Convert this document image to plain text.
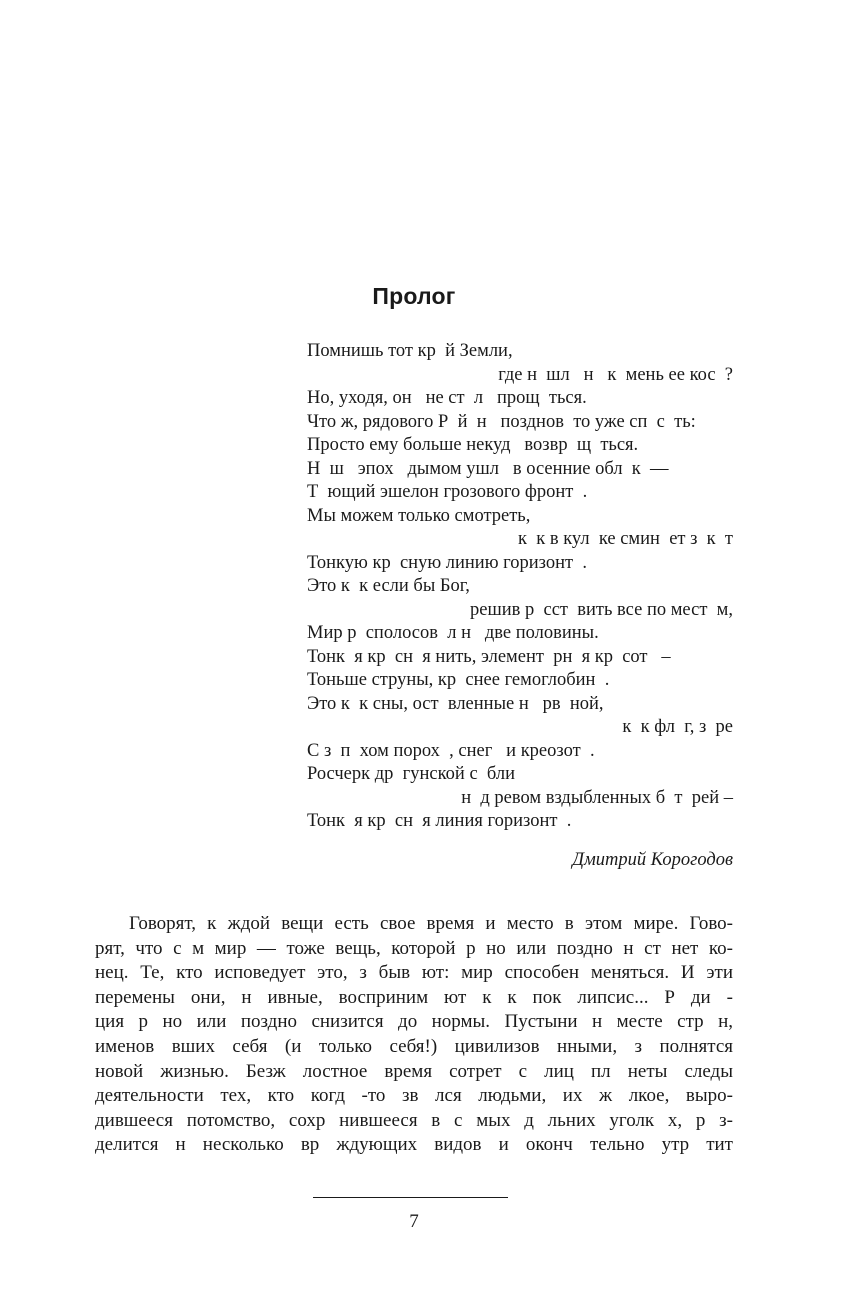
Пролог
Помнишь тот кр  й Земли,
где н  шл   н   к  мень ее кос  ?
Но, уходя, он   не ст  л   прощ  ться.
Что ж, рядового Р  й  н   позднов  то уже сп  с  ть:
Просто ему больше некуд   возвр  щ  ться.
Н  ш   эпох   дымом ушл   в осенние обл  к  —
Т  ющий эшелон грозового фронт  .
Мы можем только смотреть,
к  к в кул  ке смин  ет з  к  т
Тонкую кр  сную линию горизонт  .
Это к  к если бы Бог,
решив р  сст  вить все по мест  м,
Мир р  сполосов  л н   две половины.
Тонк  я кр  сн  я нить, элемент  рн  я кр  сот   –
Тоньше струны, кр  снее гемоглобин  .
Это к  к сны, ост  вленные н   рв  ной,
к  к фл  г, з  ре
С з  п  хом порох  , снег   и креозот  .
Росчерк др  гунской с  бли
н  д ревом вздыбленных б  т  рей –
Тонк  я кр  сн  я линия горизонт  .
Дмитрий Корогодов
Говорят, к ждой вещи есть свое время и место в этом мире. Гово-
рят, что с м мир — тоже вещь, которой р но или поздно н ст нет ко-
нец. Те, кто исповедует это, з быв ют: мир способен меняться. И эти
перемены они, н ивные, восприним ют к к пок липсис... Р ди -
ция р но или поздно снизится до нормы. Пустыни н месте стр н,
именов вших себя (и только себя!) цивилизов нными, з полнятся
новой жизнью. Безж лостное время сотрет с лиц пл неты следы
деятельности тех, кто когд -то зв лся людьми, их ж лкое, выро-
дившееся потомство, сохр нившееся в с мых д льних уголк х, р з-
делится н несколько вр ждующих видов и оконч тельно утр тит
7
